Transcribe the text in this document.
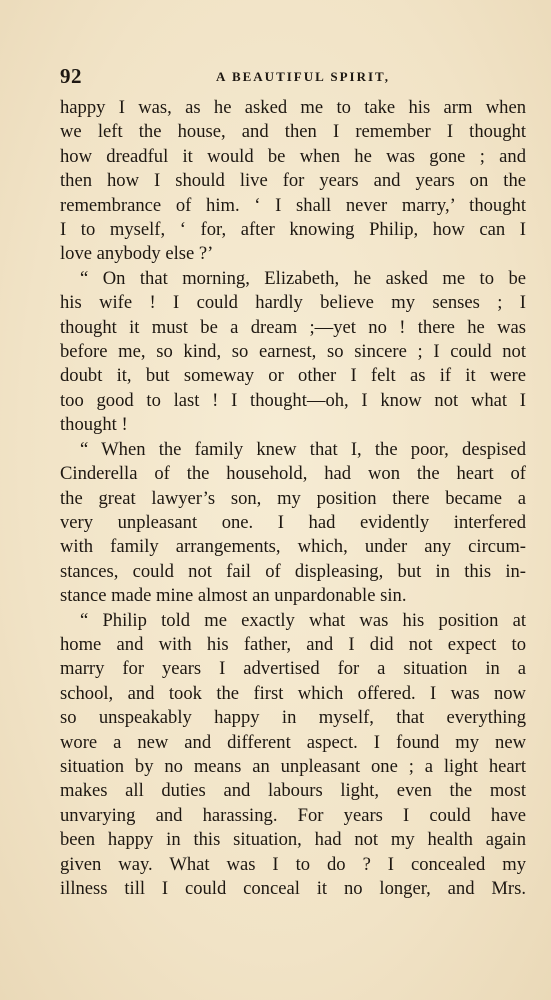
92	A BEAUTIFUL SPIRIT,
happy I was, as he asked me to take his arm when
we left the house, and then I remember I thought
how dreadful it would be when he was gone ; and
then how I should live for years and years on the
remembrance of him. ‘ I shall never marry,’ thought
I to myself, ‘ for, after knowing Philip, how can I
love anybody else ?’
“ On that morning, Elizabeth, he asked me to be
his wife ! I could hardly believe my senses ; I
thought it must be a dream ;—yet no ! there he was
before me, so kind, so earnest, so sincere ; I could not
doubt it, but someway or other I felt as if it were
too good to last ! I thought—oh, I know not what I
thought !
“ When the family knew that I, the poor, despised
Cinderella of the household, had won the heart of
the great lawyer’s son, my position there became a
very unpleasant one. I had evidently interfered
with family arrangements, which, under any circum-
stances, could not fail of displeasing, but in this in-
stance made mine almost an unpardonable sin.
“ Philip told me exactly what was his position at
home and with his father, and I did not expect to
marry for years I advertised for a situation in a
school, and took the first which offered. I was now
so unspeakably happy in myself, that everything
wore a new and different aspect. I found my new
situation by no means an unpleasant one ; a light heart
makes all duties and labours light, even the most
unvarying and harassing. For years I could have
been happy in this situation, had not my health again
given way. What was I to do ? I concealed my
illness till I could conceal it no longer, and Mrs.
